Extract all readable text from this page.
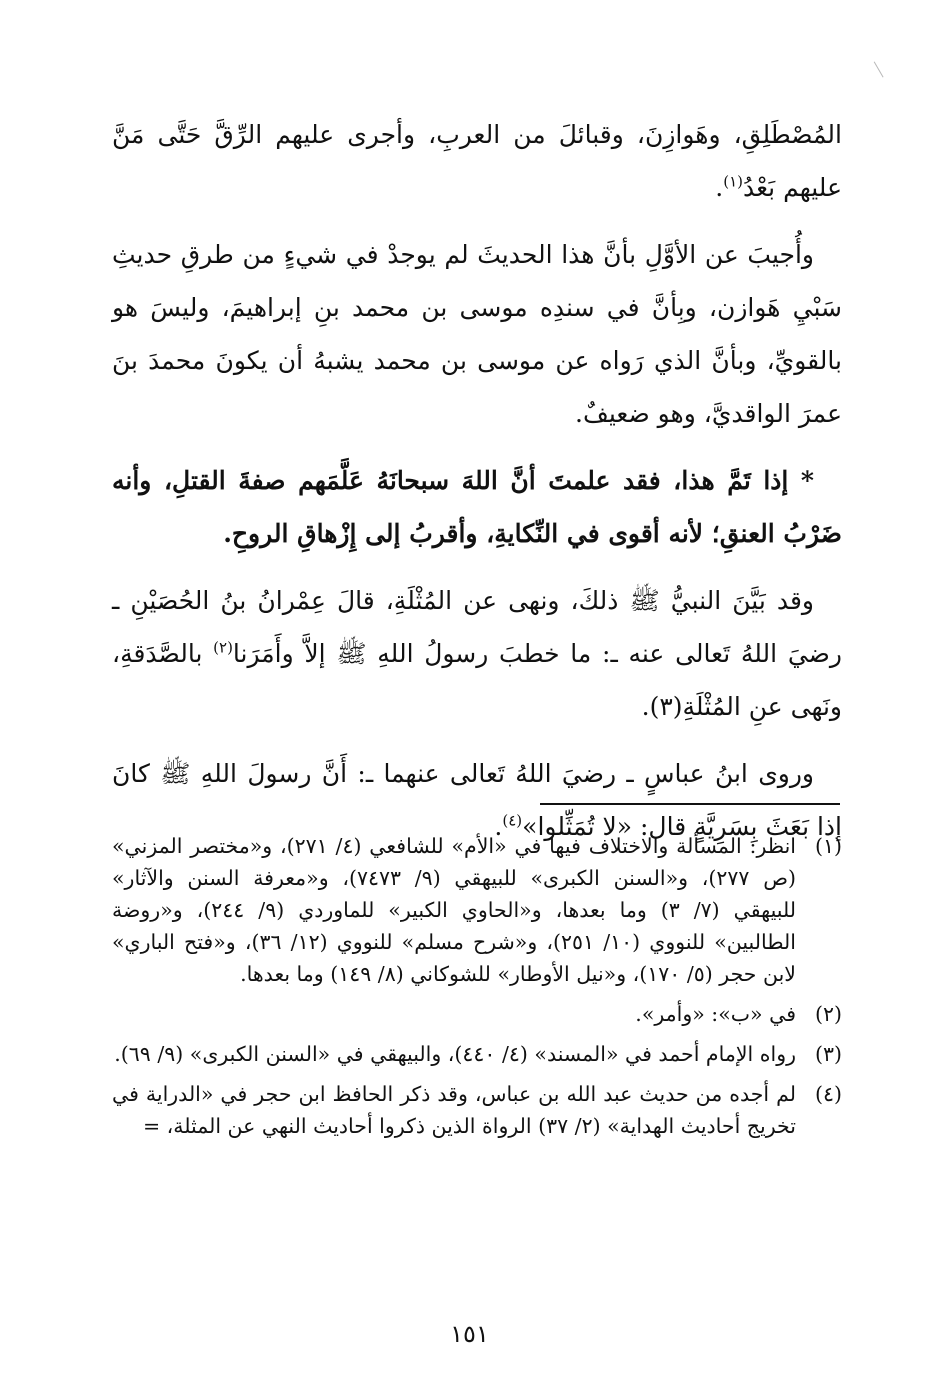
المُصْطَلِقِ، وهَوازِنَ، وقبائلَ من العربِ، وأجرى عليهم الرِّقَّ حَتَّى مَنَّ عليهم بَعْدُ$^{(١)}$.

وأُجيبَ عن الأوَّلِ بأنَّ هذا الحديثَ لم يوجدْ في شيءٍ من طرقِ حديثِ سَبْيِ هَوازن، وبِأنَّ في سندِه موسى بن محمد بنِ إبراهيمَ، وليسَ هو بالقويِّ، وبأنَّ الذي رَواه عن موسى بن محمد يشبهُ أن يكونَ محمدَ بنَ عمرَ الواقديَّ، وهو ضعيفٌ.

* إذا تَمَّ هذا، فقد علمتَ أنَّ اللهَ سبحانَهُ عَلَّمَهم صفةَ القتلِ، وأنه ضَرْبُ العنقِ؛ لأنه أقوى في النِّكايةِ، وأقربُ إلى إِزْهاقِ الروحِ.

وقد بَيَّنَ النبيُّ ﷺ ذلكَ، ونهى عن المُثْلَةِ، قالَ عِمْرانُ بنُ الحُصَيْنِ ـ رضيَ اللهُ تَعالى عنه ـ: ما خطبَ رسولُ اللهِ ﷺ إلاَّ وأَمَرَنا$^{(٢)}$ بالصَّدَقةِ، ونَهى عنِ المُثْلَةِ(٣).

وروى ابنُ عباسٍ ـ رضيَ اللهُ تَعالى عنهما ـ: أَنَّ رسولَ اللهِ ﷺ كانَ إذا بَعَثَ بِسَرِيَّةٍ قال: «لا تُمَثِّلوا»$^{(٤)}$.

(١)
انظر: المسألة والاختلاف فيها في «الأم» للشافعي (٤/ ٢٧١)، و«مختصر المزني» (ص ٢٧٧)، و«السنن الكبرى» للبيهقي (٩/ ٧٤٧٣)، و«معرفة السنن والآثار» للبيهقي (٧/ ٣) وما بعدها، و«الحاوي الكبير» للماوردي (٩/ ٢٤٤)، و«روضة الطالبين» للنووي (١٠/ ٢٥١)، و«شرح مسلم» للنووي (١٢/ ٣٦)، و«فتح الباري» لابن حجر (٥/ ١٧٠)، و«نيل الأوطار» للشوكاني (٨/ ١٤٩) وما بعدها.
(٢)
في «ب»: «وأمر».
(٣)
رواه الإمام أحمد في «المسند» (٤/ ٤٤٠)، والبيهقي في «السنن الكبرى» (٩/ ٦٩).
(٤)
لم أجده من حديث عبد الله بن عباس، وقد ذكر الحافظ ابن حجر في «الدراية في تخريج أحاديث الهداية» (٢/ ٣٧) الرواة الذين ذكروا أحاديث النهي عن المثلة، =
١٥١
